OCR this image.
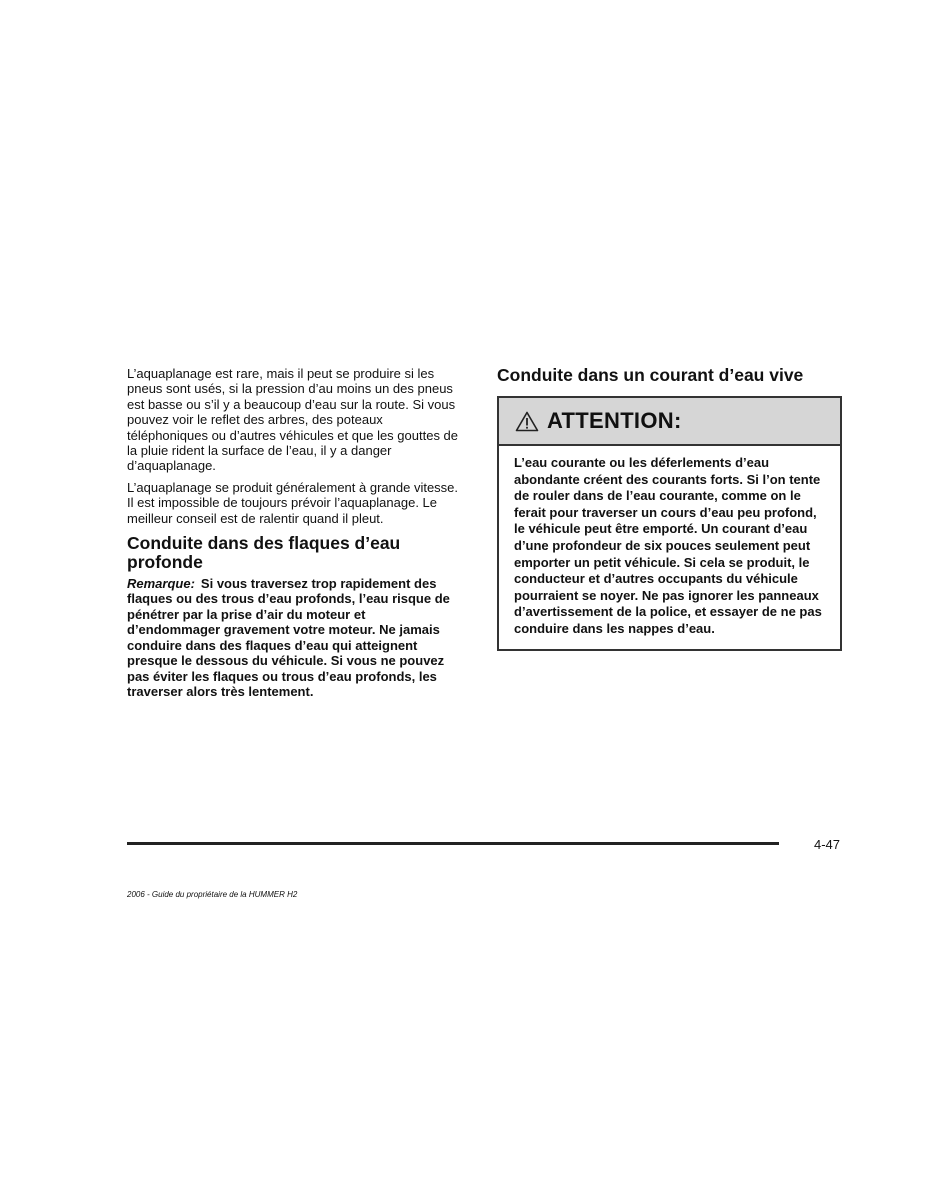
L’aquaplanage est rare, mais il peut se produire si les pneus sont usés, si la pression d’au moins un des pneus est basse ou s’il y a beaucoup d’eau sur la route. Si vous pouvez voir le reflet des arbres, des poteaux téléphoniques ou d’autres véhicules et que les gouttes de la pluie rident la surface de l’eau, il y a danger d’aquaplanage.

L’aquaplanage se produit généralement à grande vitesse. Il est impossible de toujours prévoir l’aquaplanage. Le meilleur conseil est de ralentir quand il pleut.

Conduite dans des flaques d’eau profonde

Remarque: Si vous traversez trop rapidement des flaques ou des trous d’eau profonds, l’eau risque de pénétrer par la prise d’air du moteur et d’endommager gravement votre moteur. Ne jamais conduire dans des flaques d’eau qui atteignent presque le dessous du véhicule. Si vous ne pouvez pas éviter les flaques ou trous d’eau profonds, les traverser alors très lentement.

Conduite dans un courant d’eau vive
ATTENTION:

L’eau courante ou les déferlements d’eau abondante créent des courants forts. Si l’on tente de rouler dans de l’eau courante, comme on le ferait pour traverser un cours d’eau peu profond, le véhicule peut être emporté. Un courant d’eau d’une profondeur de six pouces seulement peut emporter un petit véhicule. Si cela se produit, le conducteur et d’autres occupants du véhicule pourraient se noyer. Ne pas ignorer les panneaux d’avertissement de la police, et essayer de ne pas conduire dans les nappes d’eau.

4-47
2006 - Guide du propriétaire de la HUMMER H2
